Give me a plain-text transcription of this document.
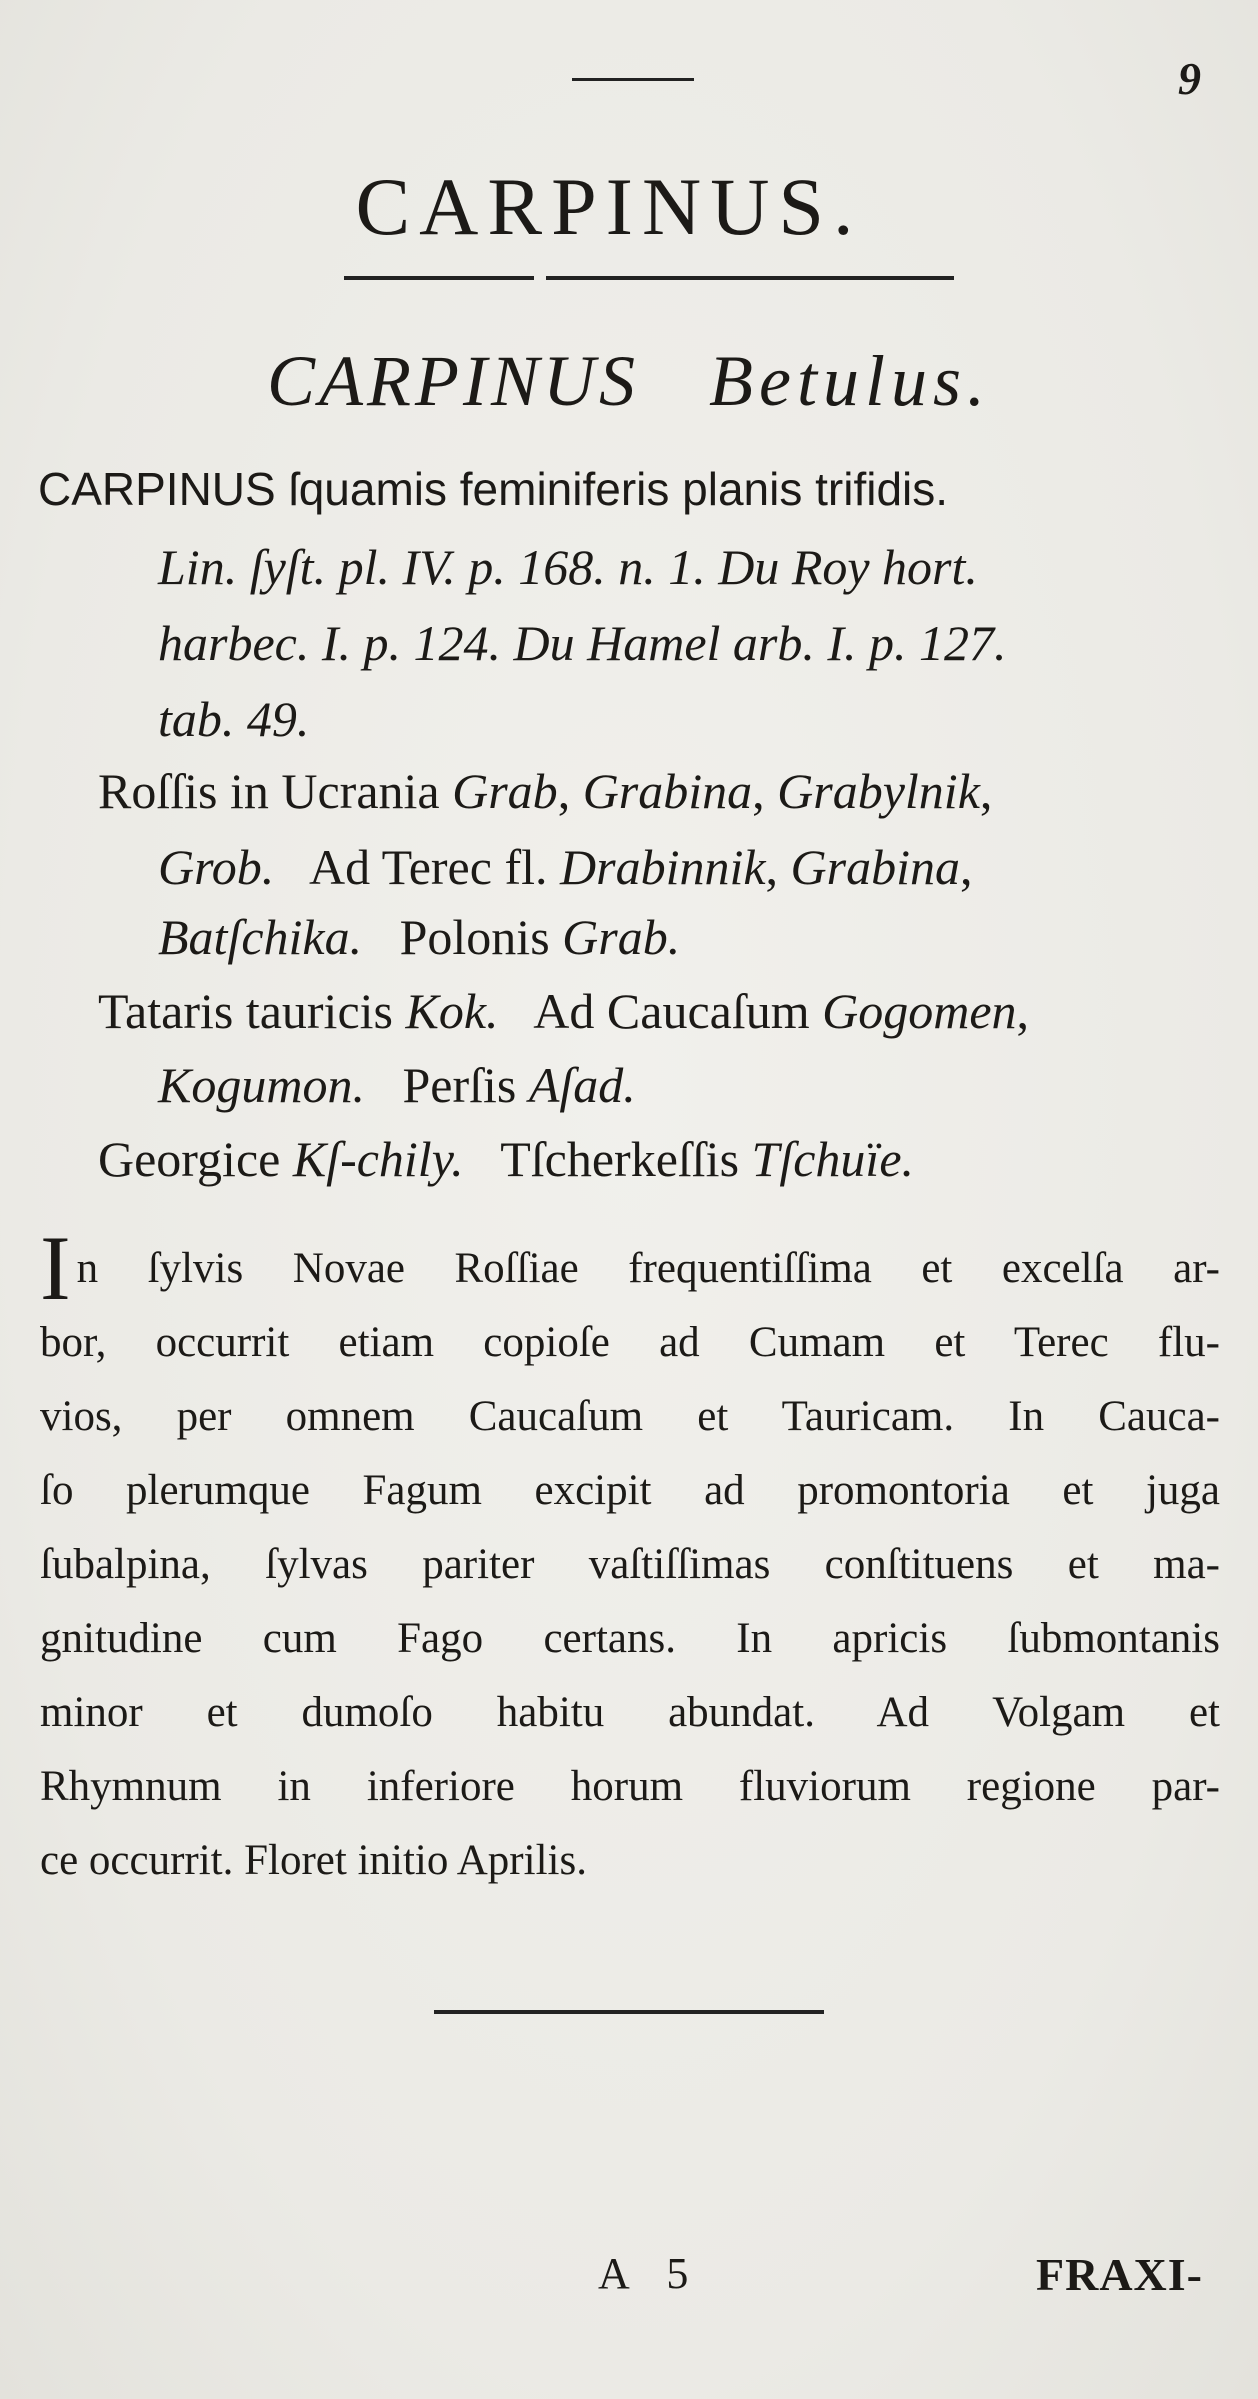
9
CARPINUS.
CARPINUS Betulus.
CARPINUS ſquamis feminiferis planis trifidis.
Lin. ſyſt. pl. IV. p. 168. n. 1. Du Roy hort.
harbec. I. p. 124. Du Hamel arb. I. p. 127.
tab. 49.
Roſſis in Ucrania Grab, Grabina, Grabylnik,
Grob.   Ad Terec fl. Drabinnik, Grabina,
Batſchika.   Polonis Grab.
Tataris tauricis Kok.   Ad Caucaſum Gogomen,
Kogumon.   Perſis Aſad.
Georgice Kſ-chily.   Tſcherkeſſis Tſchuïe.
I n ſylvis Novae Roſſiae frequentiſſima et excelſa ar-
bor, occurrit etiam copioſe ad Cumam et Terec flu-
vios, per omnem Caucaſum et Tauricam. In Cauca-
ſo plerumque Fagum excipit ad promontoria et juga
ſubalpina, ſylvas pariter vaſtiſſimas conſtituens et ma-
gnitudine cum Fago certans. In apricis ſubmontanis
minor et dumoſo habitu abundat. Ad Volgam et
Rhymnum in inferiore horum fluviorum regione par-
ce occurrit. Floret initio Aprilis.
A 5	FRAXI-
